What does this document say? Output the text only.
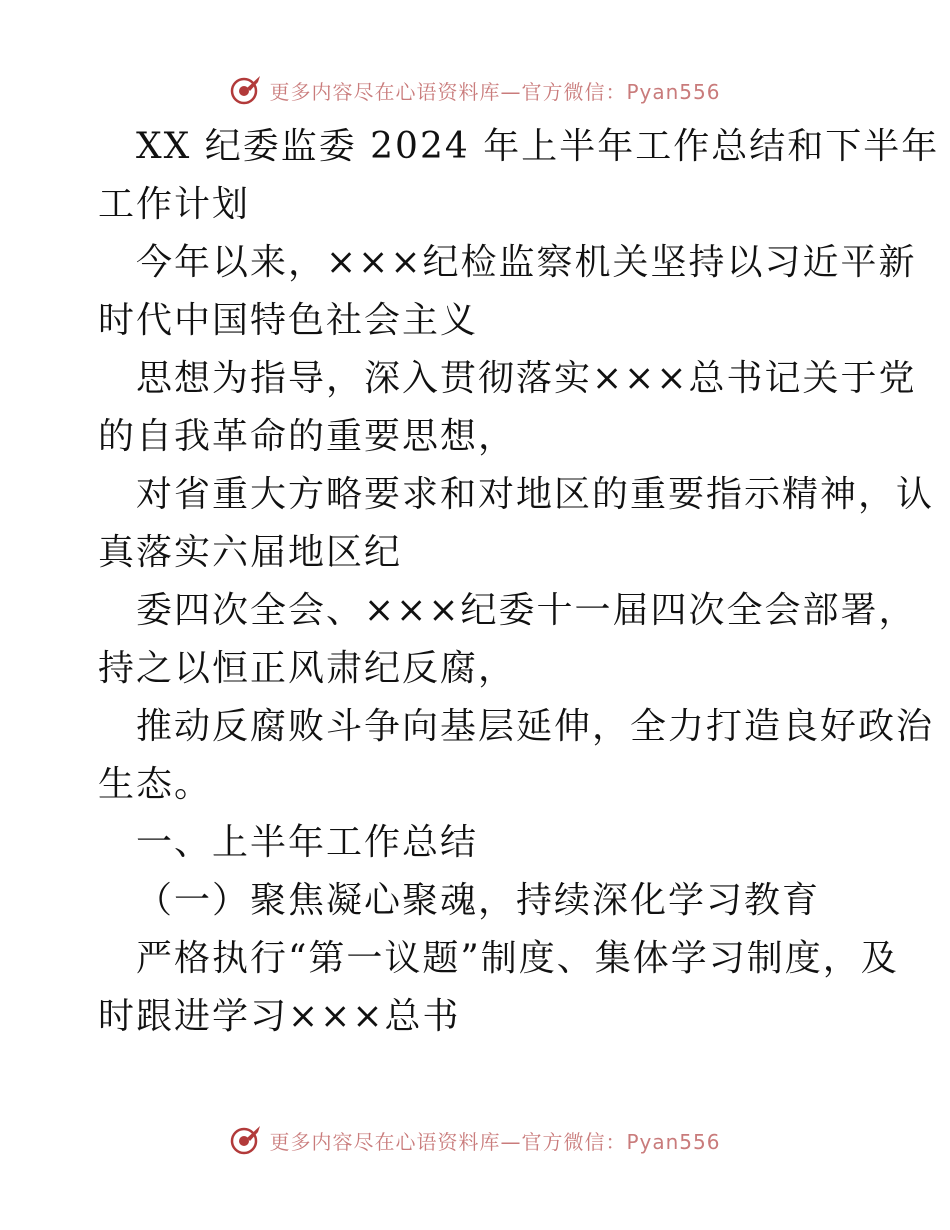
更多内容尽在心语资料库—官方微信：Pyan556
XX 纪委监委 2024 年上半年工作总结和下半年
工作计划
今年以来，×××纪检监察机关坚持以习近平新
时代中国特色社会主义
思想为指导，深入贯彻落实×××总书记关于党
的自我革命的重要思想，
对省重大方略要求和对地区的重要指示精神，认
真落实六届地区纪
委四次全会、×××纪委十一届四次全会部署，
持之以恒正风肃纪反腐，
推动反腐败斗争向基层延伸，全力打造良好政治
生态。
一、上半年工作总结
（一）聚焦凝心聚魂，持续深化学习教育
严格执行“第一议题”制度、集体学习制度，及
时跟进学习×××总书
更多内容尽在心语资料库—官方微信：Pyan556
